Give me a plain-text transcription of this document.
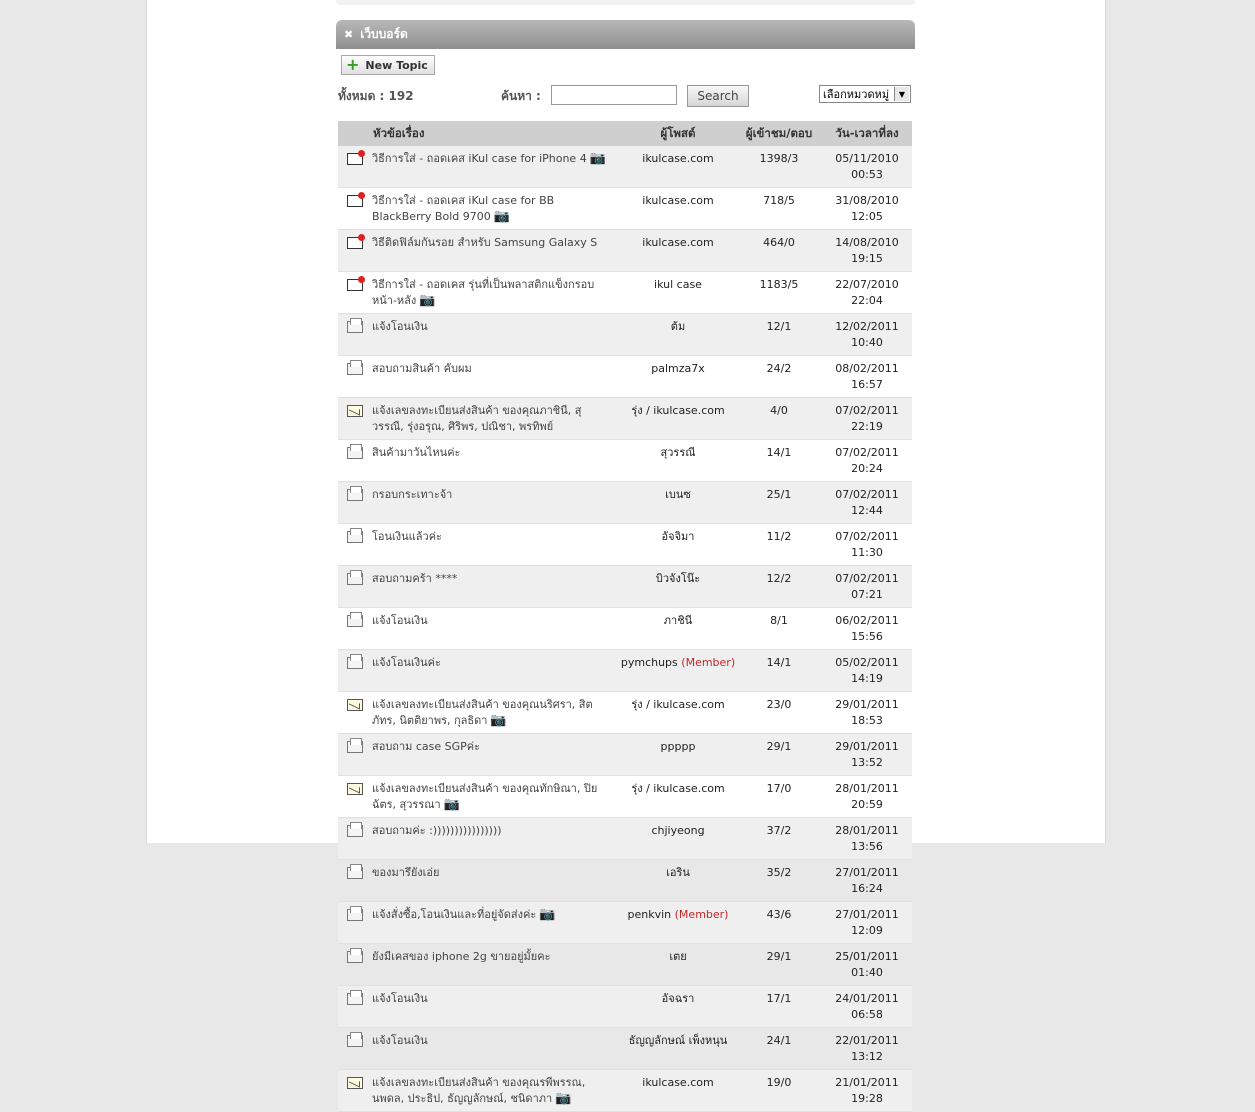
✖ เว็บบอร์ด
+ New Topic
ทั้งหมด : 192	ค้นหา :	Search	เลือกหมวดหมู่	▼
หัวข้อเรื่อง		ผู้โพสต์	ผู้เข้าชม/ตอบ	วัน-เวลาที่ลง
	วิธีการใส่ - ถอดเคส iKul case for iPhone 4 📷	ikulcase.com	1398/3	05/11/2010 00:53
	วิธีการใส่ - ถอดเคส iKul case for BB BlackBerry Bold 9700 📷	ikulcase.com	718/5	31/08/2010 12:05
	วิธีติดฟิล์มกันรอย สำหรับ Samsung Galaxy S	ikulcase.com	464/0	14/08/2010 19:15
	วิธีการใส่ - ถอดเคส รุ่นที่เป็นพลาสติกแข็งกรอบหน้า-หลัง 📷	ikul case	1183/5	22/07/2010 22:04
	แจ้งโอนเงิน	ต้ม	12/1	12/02/2011 10:40
	สอบถามสินค้า คับผม	palmza7x	24/2	08/02/2011 16:57
	แจ้งเลขลงทะเบียนส่งสินค้า ของคุณภาชินี, สุวรรณี, รุ่งอรุณ, ศิริพร, ปณิชา, พรทิพย์	รุ่ง / ikulcase.com	4/0	07/02/2011 22:19
	สินค้ามาวันไหนค่ะ	สุวรรณี	14/1	07/02/2011 20:24
	กรอบกระเทาะจ้า	เบนซ	25/1	07/02/2011 12:44
	โอนเงินแล้วค่ะ	อัจจิมา	11/2	07/02/2011 11:30
	สอบถามคร้า ****	บิวจังโน๊ะ	12/2	07/02/2011 07:21
	แจ้งโอนเงิน	ภาชินี	8/1	06/02/2011 15:56
	แจ้งโอนเงินค่ะ	pymchups (Member)	14/1	05/02/2011 14:19
	แจ้งเลขลงทะเบียนส่งสินค้า ของคุณนริศรา, สิตภัทร, นิตติยาพร, กุลธิดา 📷	รุ่ง / ikulcase.com	23/0	29/01/2011 18:53
	สอบถาม case SGPค่ะ	ppppp	29/1	29/01/2011 13:52
	แจ้งเลขลงทะเบียนส่งสินค้า ของคุณทักษิณา, ปิยฉัตร, สุวรรณา 📷	รุ่ง / ikulcase.com	17/0	28/01/2011 20:59
	สอบถามค่ะ :))))))))))))))))	chjiyeong	37/2	28/01/2011 13:56
	ของมารึยังเอ่ย	เอริน	35/2	27/01/2011 16:24
	แจ้งสั่งซื้อ,โอนเงินและที่อยู่จัดส่งค่ะ 📷	penkvin (Member)	43/6	27/01/2011 12:09
	ยังมีเคสของ iphone 2g ขายอยู่มั้ยคะ	เตย	29/1	25/01/2011 01:40
	แจ้งโอนเงิน	อัจฉรา	17/1	24/01/2011 06:58
	แจ้งโอนเงิน	ธัญญลักษณ์ เพ็งหนุน	24/1	22/01/2011 13:12
	แจ้งเลขลงทะเบียนส่งสินค้า ของคุณรพีพรรณ, นพดล, ประธิป, ธัญญลักษณ์, ชนิดาภา 📷	ikulcase.com	19/0	21/01/2011 19:28
